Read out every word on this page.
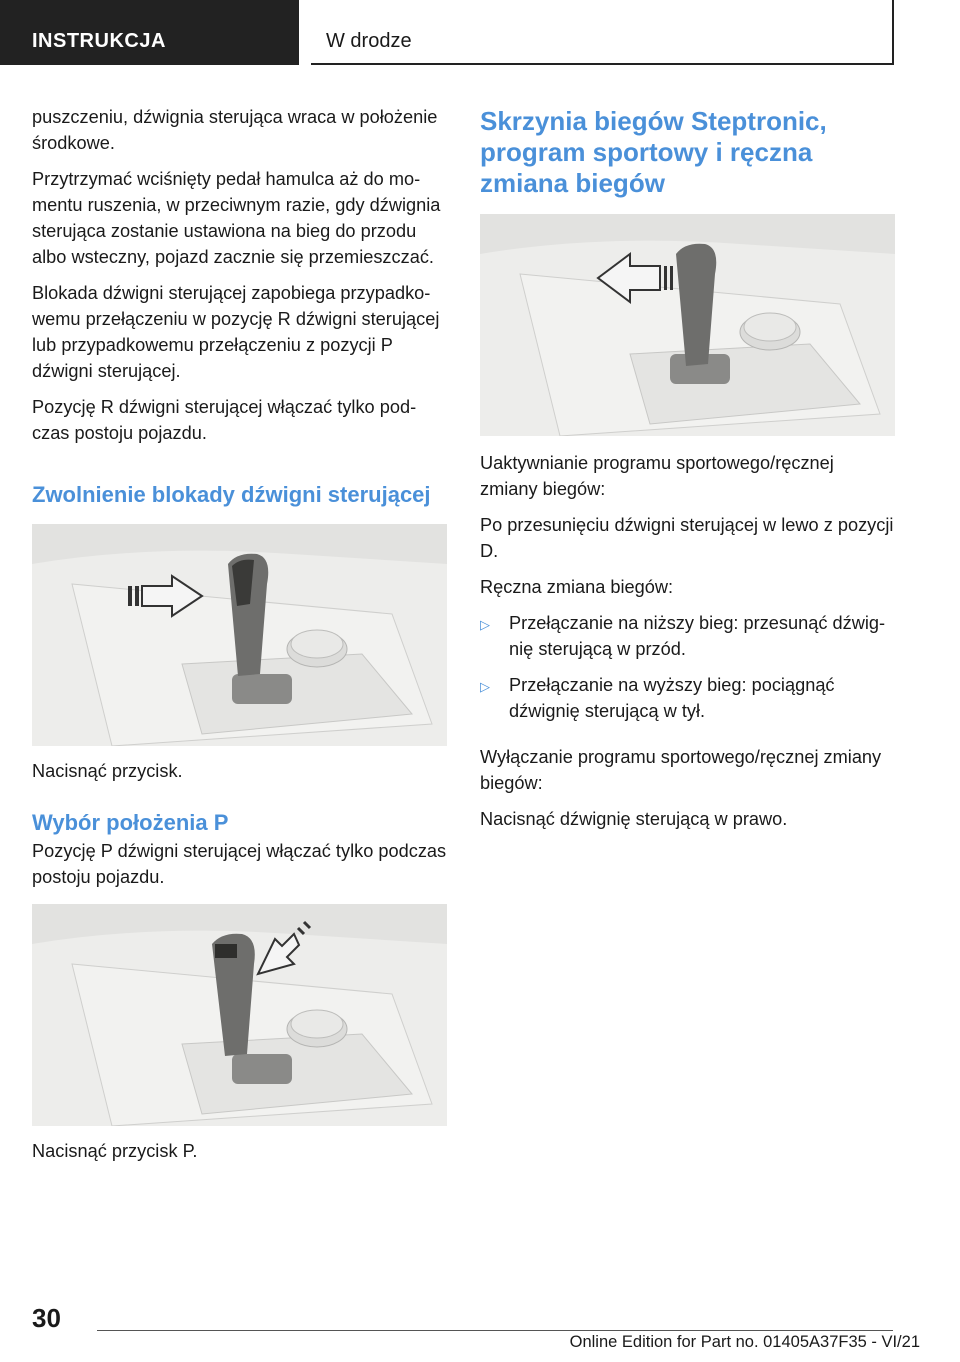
INSTRUKCJA	W drodze

puszczeniu, dźwignia sterująca wraca w położenie środkowe.

Przytrzymać wciśnięty pedał hamulca aż do momentu ruszenia, w przeciwnym razie, gdy dźwignia sterująca zostanie ustawiona na bieg do przodu albo wsteczny, pojazd zacznie się przemieszczać.

Blokada dźwigni sterującej zapobiega przypadkowemu przełączeniu w pozycję R dźwigni sterującej lub przypadkowemu przełączeniu z pozycji P dźwigni sterującej.

Pozycję R dźwigni sterującej włączać tylko podczas postoju pojazdu.

Zwolnienie blokady dźwigni sterującej

Nacisnąć przycisk.

Wybór położenia P

Pozycję P dźwigni sterującej włączać tylko podczas postoju pojazdu.

Nacisnąć przycisk P.

Skrzynia biegów Steptronic, program sportowy i ręczna zmiana biegów

Uaktywnianie programu sportowego/ręcznej zmiany biegów:

Po przesunięciu dźwigni sterującej w lewo z pozycji D.

Ręczna zmiana biegów:

▷ Przełączanie na niższy bieg: przesunąć dźwignię sterującą w przód.
▷ Przełączanie na wyższy bieg: pociągnąć dźwignię sterującą w tył.

Wyłączanie programu sportowego/ręcznej zmiany biegów:

Nacisnąć dźwignię sterującą w prawo.

30
Online Edition for Part no. 01405A37F35 - VI/21
